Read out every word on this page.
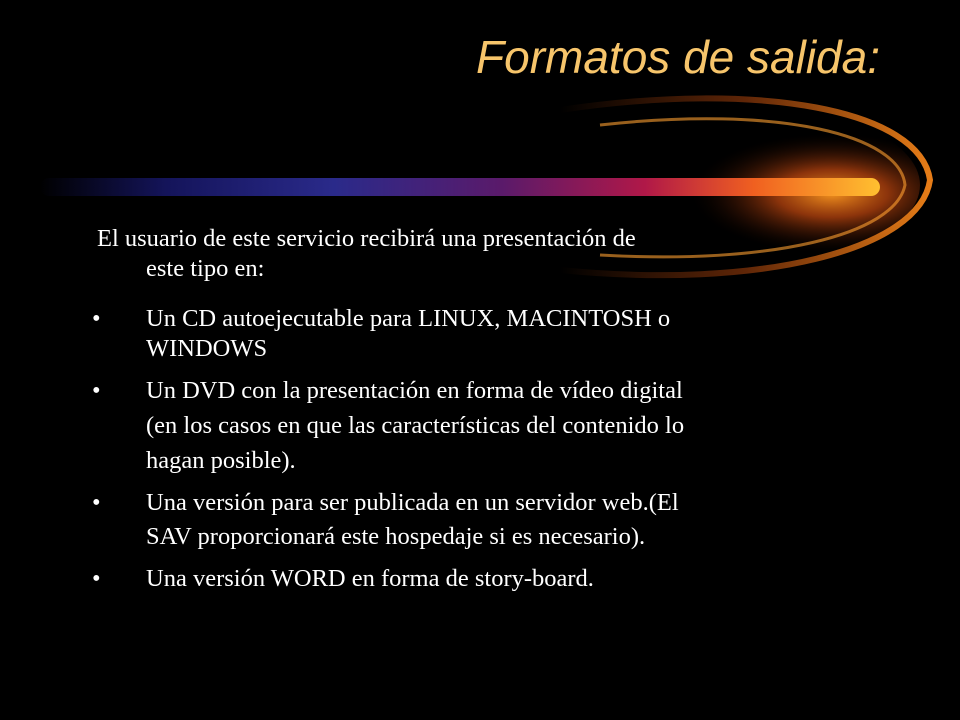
Formatos de salida:
El usuario de este servicio recibirá una presentación de
este tipo en:
• Un CD autoejecutable para LINUX, MACINTOSH o
WINDOWS
• Un DVD con la presentación en forma de vídeo digital
(en los casos en que las características del contenido lo
hagan posible).
• Una versión para ser publicada en un servidor web.(El
SAV proporcionará este hospedaje si es necesario).
• Una versión WORD en forma de story-board.
